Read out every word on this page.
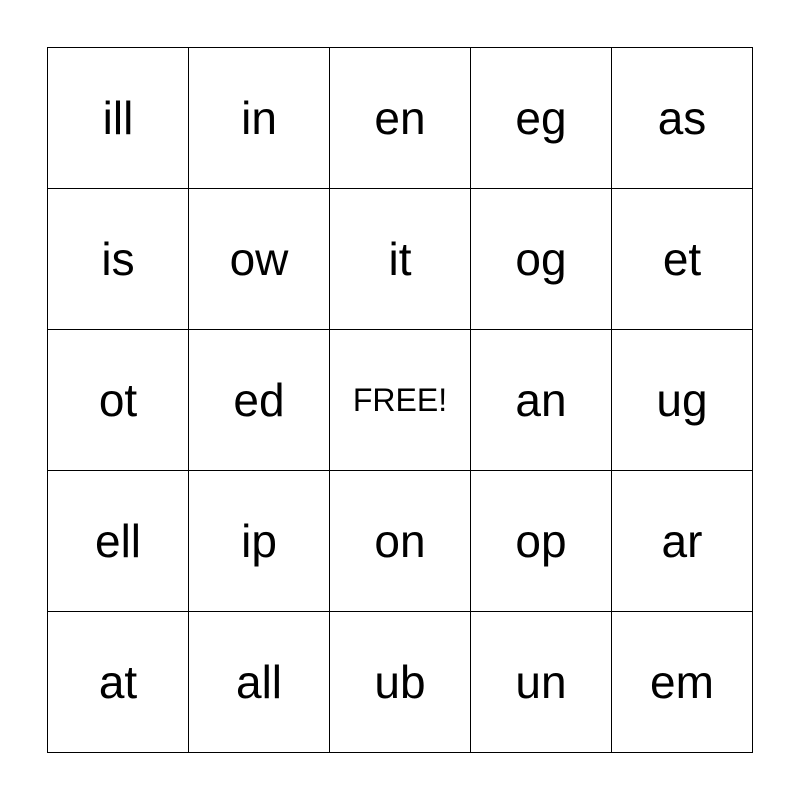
ill	in	en	eg	as
is	ow	it	og	et
ot	ed	FREE!	an	ug
ell	ip	on	op	ar
at	all	ub	un	em
